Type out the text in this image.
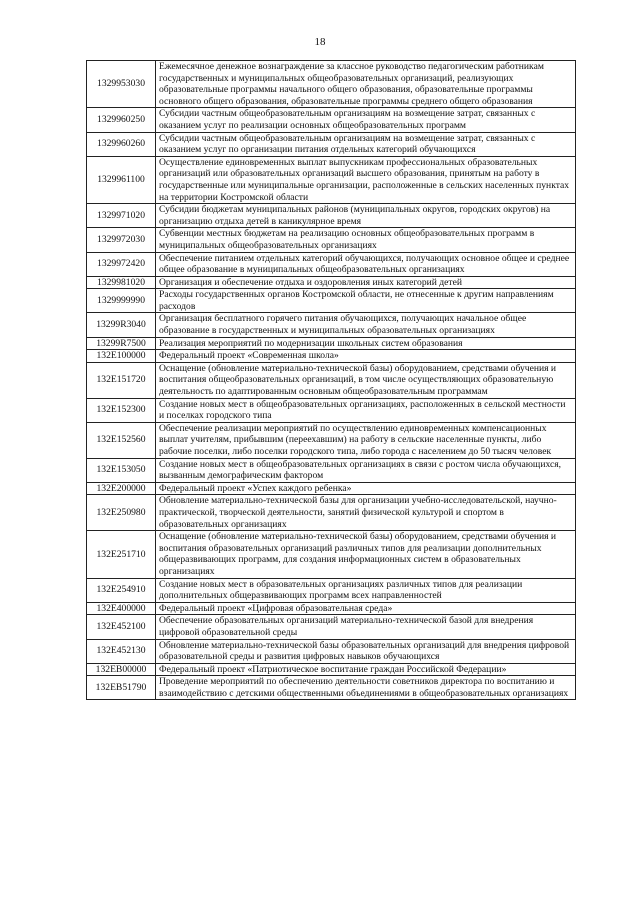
18
1329953030	Ежемесячное денежное вознаграждение за классное руководство педагогическим работникам государственных и муниципальных общеобразовательных организаций, реализующих образовательные программы начального общего образования, образовательные программы основного общего образования, образовательные программы среднего общего образования
1329960250	Субсидии частным общеобразовательным организациям на возмещение затрат, связанных с оказанием услуг по реализации основных общеобразовательных программ
1329960260	Субсидии частным общеобразовательным организациям на возмещение затрат, связанных с оказанием услуг по организации питания отдельных категорий обучающихся
1329961100	Осуществление единовременных выплат выпускникам профессиональных образовательных организаций или образовательных организаций высшего образования, принятым на работу в государственные или муниципальные организации, расположенные в сельских населенных пунктах на территории Костромской области
1329971020	Субсидии бюджетам муниципальных районов (муниципальных округов, городских округов) на организацию отдыха детей в каникулярное время
1329972030	Субвенции местных бюджетам на реализацию основных общеобразовательных программ в муниципальных общеобразовательных организациях
1329972420	Обеспечение питанием отдельных категорий обучающихся, получающих основное общее и среднее общее образование в муниципальных общеобразовательных организациях
1329981020	Организация и обеспечение отдыха и оздоровления иных категорий детей
1329999990	Расходы государственных органов Костромской области, не отнесенные к другим направлениям расходов
13299R3040	Организация бесплатного горячего питания обучающихся, получающих начальное общее образование в государственных и муниципальных образовательных организациях
13299R7500	Реализация мероприятий по модернизации школьных систем образования
132E100000	Федеральный проект «Современная школа»
132E151720	Оснащение (обновление материально-технической базы) оборудованием, средствами обучения и воспитания общеобразовательных организаций, в том числе осуществляющих образовательную деятельность по адаптированным основным общеобразовательным программам
132E152300	Создание новых мест в общеобразовательных организациях, расположенных в сельской местности и поселках городского типа
132E152560	Обеспечение реализации мероприятий по осуществлению единовременных компенсационных выплат учителям, прибывшим (переехавшим) на работу в сельские населенные пункты, либо рабочие поселки, либо поселки городского типа, либо города с населением до 50 тысяч человек
132E153050	Создание новых мест в общеобразовательных организациях в связи с ростом числа обучающихся, вызванным демографическим фактором
132E200000	Федеральный проект «Успех каждого ребенка»
132E250980	Обновление материально-технической базы для организации учебно-исследовательской, научно-практической, творческой деятельности, занятий физической культурой и спортом в образовательных организациях
132E251710	Оснащение (обновление материально-технической базы) оборудованием, средствами обучения и воспитания образовательных организаций различных типов для реализации дополнительных общеразвивающих программ, для создания информационных систем в образовательных организациях
132E254910	Создание новых мест в образовательных организациях различных типов для реализации дополнительных общеразвивающих программ всех направленностей
132E400000	Федеральный проект «Цифровая образовательная среда»
132E452100	Обеспечение образовательных организаций материально-технической базой для внедрения цифровой образовательной среды
132E452130	Обновление материально-технической базы образовательных организаций для внедрения цифровой образовательной среды и развития цифровых навыков обучающихся
132EB00000	Федеральный проект «Патриотическое воспитание граждан Российской Федерации»
132EB51790	Проведение мероприятий по обеспечению деятельности советников директора по воспитанию и взаимодействию с детскими общественными объединениями в общеобразовательных организациях
